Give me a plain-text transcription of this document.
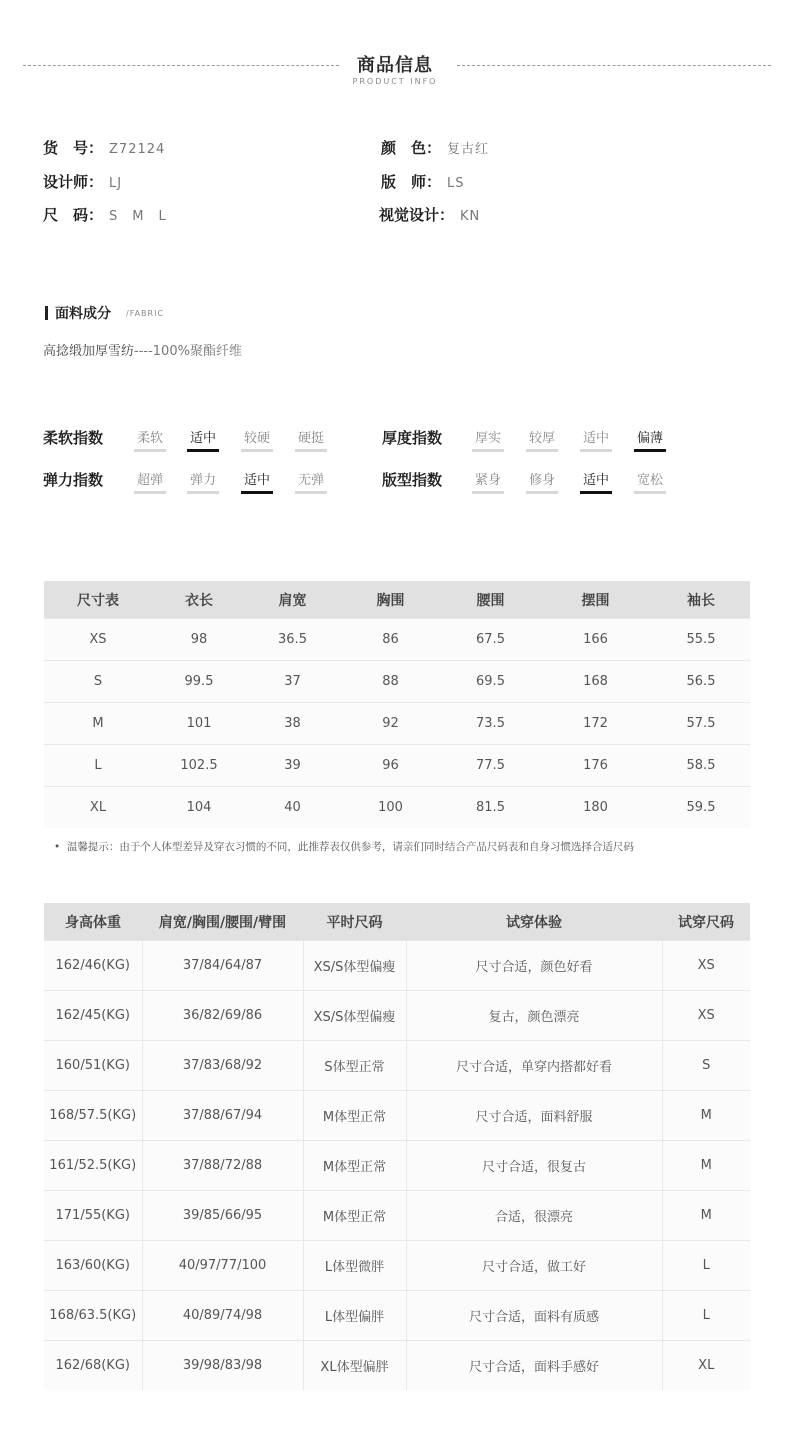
商品信息
PRODUCT INFO
货　号： Z72124	颜　色： 复古红
设计师： LJ	版　师： LS
尺　码： S　M　L	视觉设计： KN
面料成分 /FABRIC
高捻缎加厚雪纺----100%聚酯纤维
柔软指数	柔软 适中 较硬 硬挺	厚度指数	厚实 较厚 适中 偏薄
弹力指数	超弹 弹力 适中 无弹	版型指数	紧身 修身 适中 宽松
尺寸表	衣长	肩宽	胸围	腰围	摆围	袖长
XS	98	36.5	86	67.5	166	55.5
S	99.5	37	88	69.5	168	56.5
M	101	38	92	73.5	172	57.5
L	102.5	39	96	77.5	176	58.5
XL	104	40	100	81.5	180	59.5
•  温馨提示：由于个人体型差异及穿衣习惯的不同，此推荐表仅供参考，请亲们同时结合产品尺码表和自身习惯选择合适尺码
身高体重	肩宽/胸围/腰围/臂围	平时尺码	试穿体验	试穿尺码
162/46(KG)	37/84/64/87	XS/S体型偏瘦	尺寸合适，颜色好看	XS
162/45(KG)	36/82/69/86	XS/S体型偏瘦	复古，颜色漂亮	XS
160/51(KG)	37/83/68/92	S体型正常	尺寸合适，单穿内搭都好看	S
168/57.5(KG)	37/88/67/94	M体型正常	尺寸合适，面料舒服	M
161/52.5(KG)	37/88/72/88	M体型正常	尺寸合适，很复古	M
171/55(KG)	39/85/66/95	M体型正常	合适，很漂亮	M
163/60(KG)	40/97/77/100	L体型微胖	尺寸合适，做工好	L
168/63.5(KG)	40/89/74/98	L体型偏胖	尺寸合适，面料有质感	L
162/68(KG)	39/98/83/98	XL体型偏胖	尺寸合适，面料手感好	XL
